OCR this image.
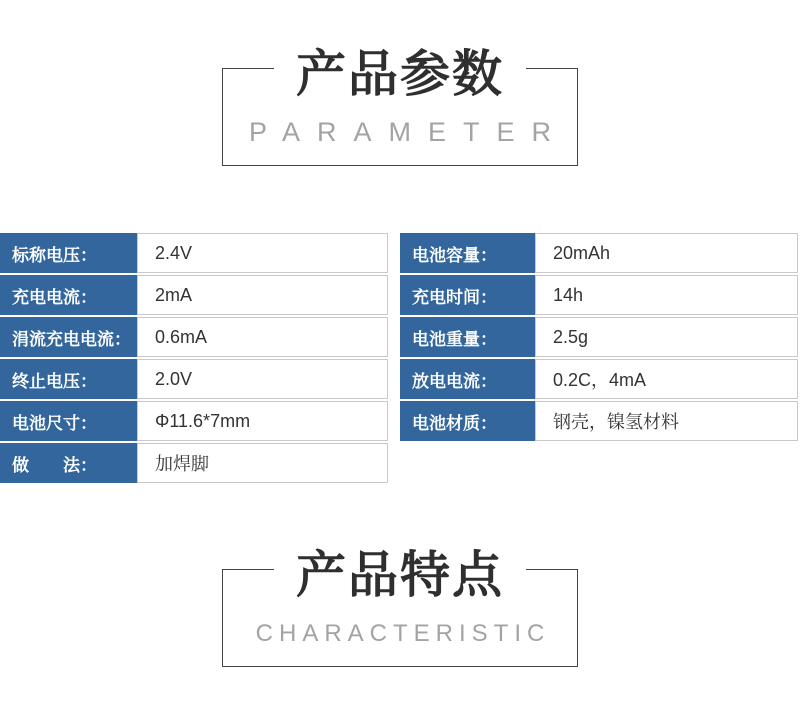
产品参数
PARAMETER
标称电压：	2.4V
充电电流：	2mA
涓流充电电流：	0.6mA
终止电压：	2.0V
电池尺寸：	Φ11.6*7mm
做　　法：	加焊脚
电池容量：	20mAh
充电时间：	14h
电池重量：	2.5g
放电电流：	0.2C，4mA
电池材质：	钢壳，镍氢材料
产品特点
CHARACTERISTIC
